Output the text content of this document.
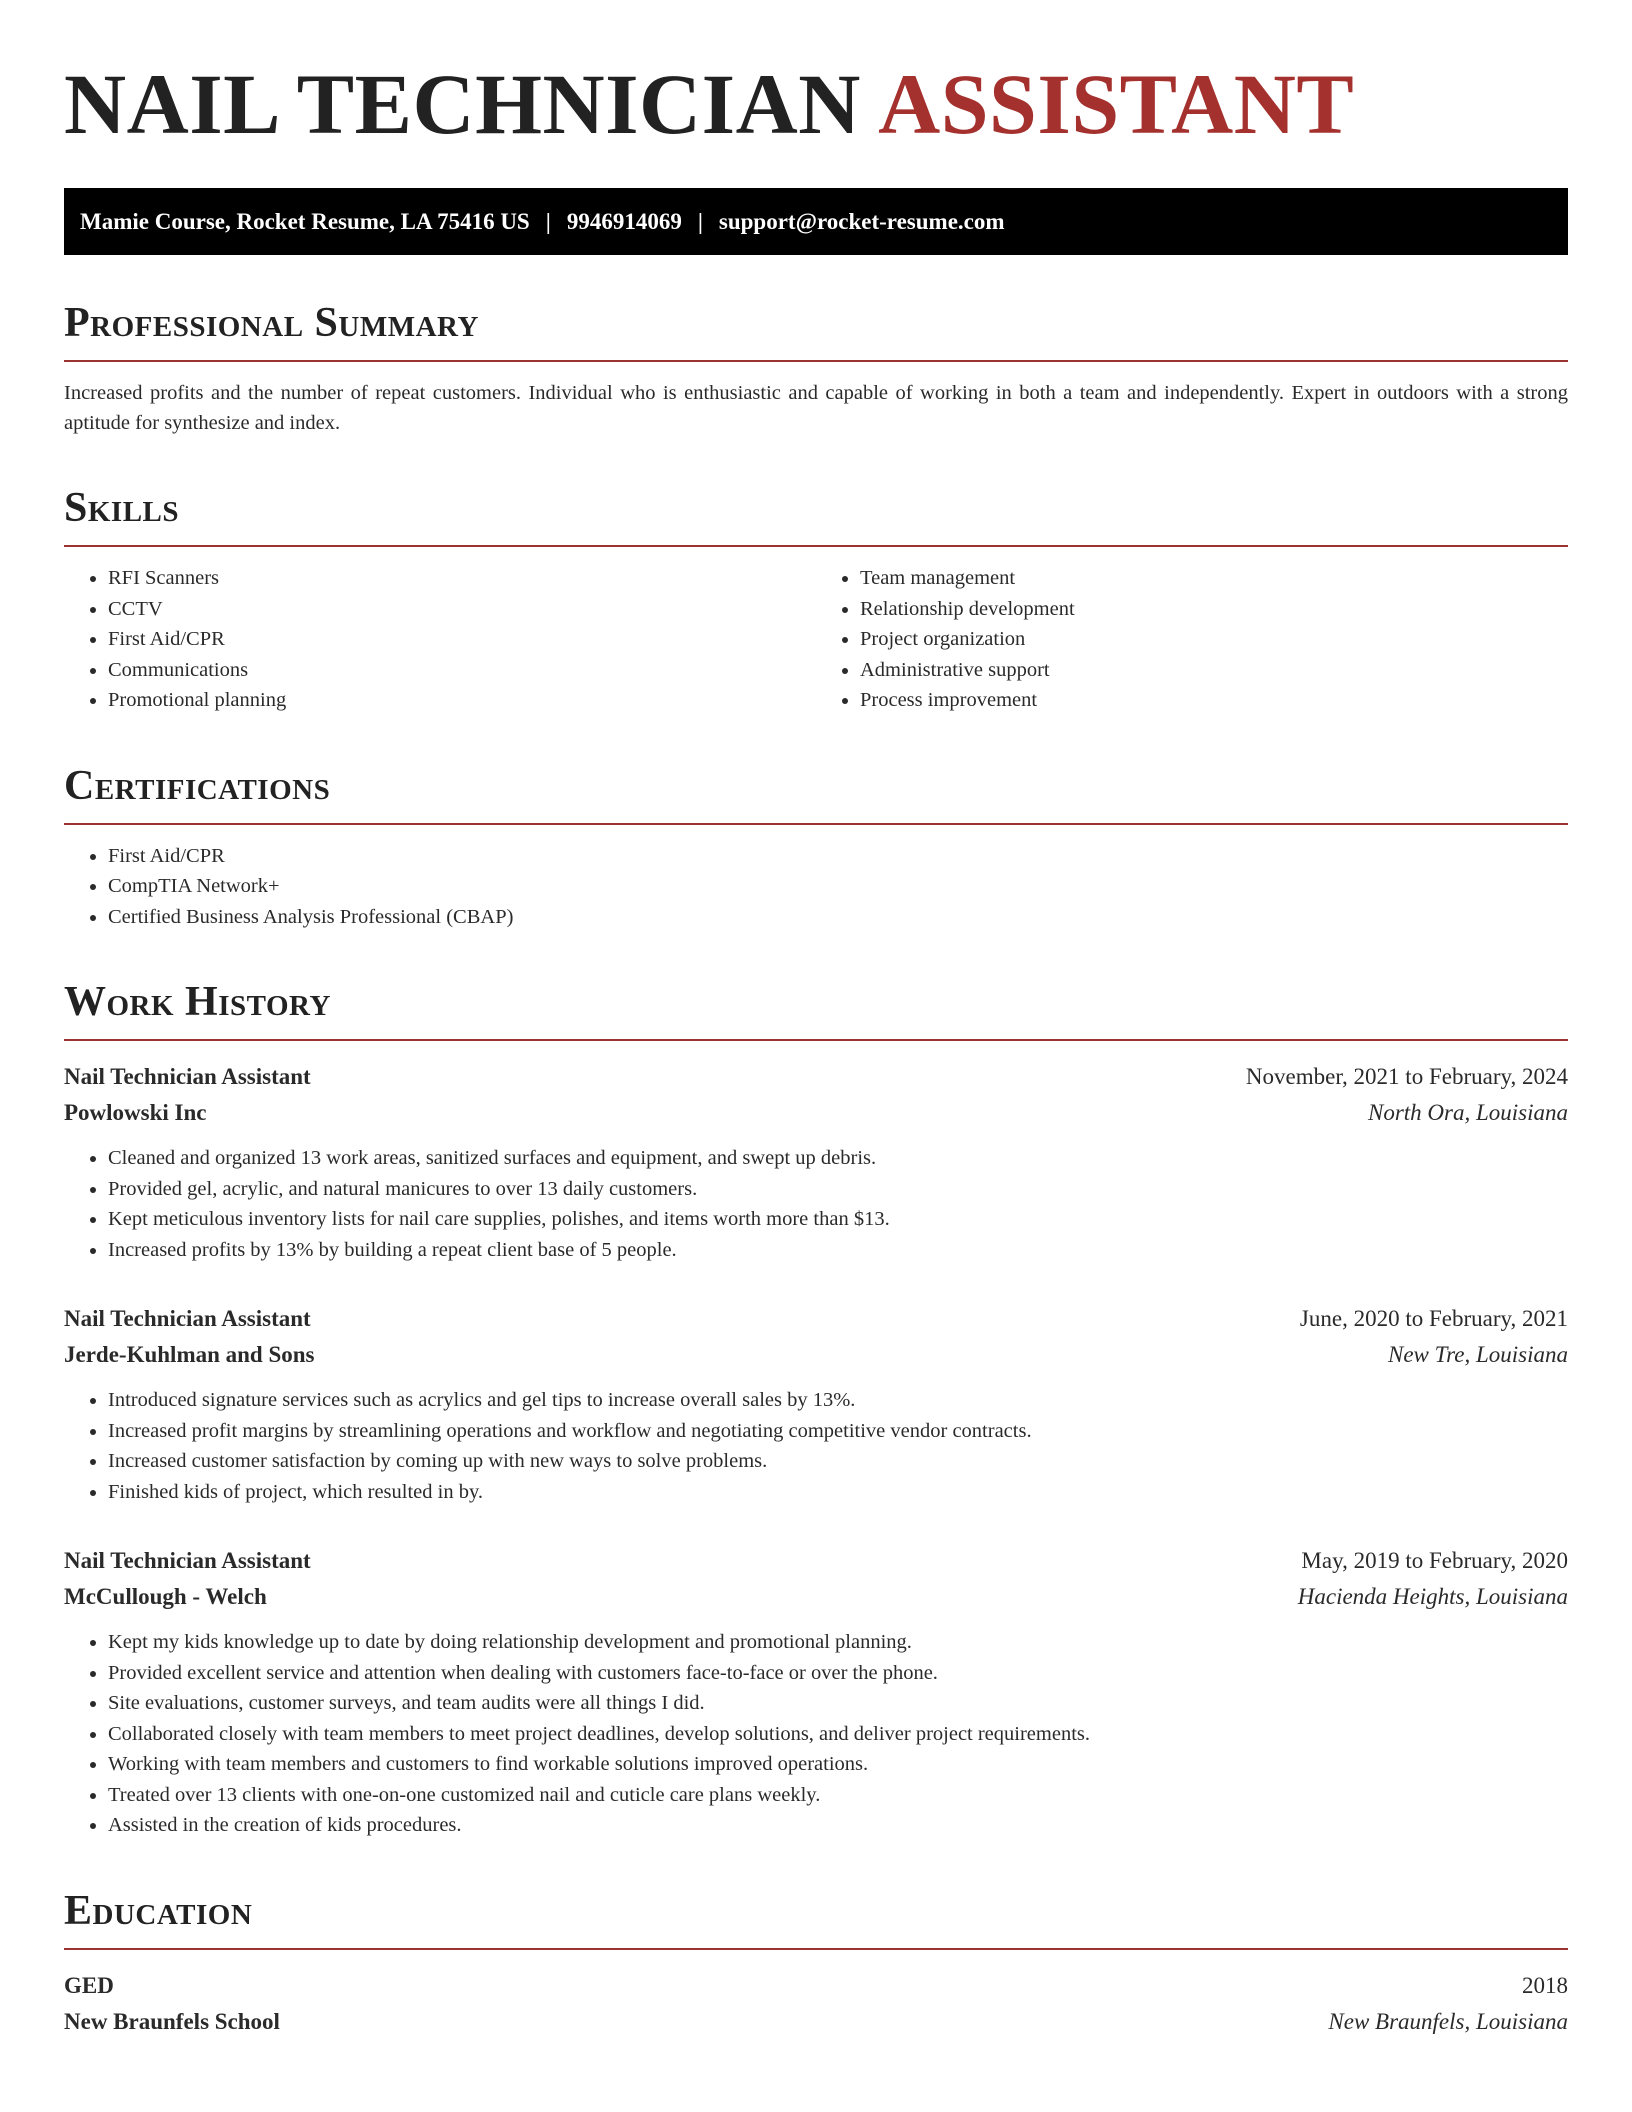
NAIL TECHNICIAN ASSISTANT
Mamie Course, Rocket Resume, LA 75416 US | 9946914069 | support@rocket-resume.com
Professional Summary

Increased profits and the number of repeat customers. Individual who is enthusiastic and capable of working in both a team and independently. Expert in outdoors with a strong aptitude for synthesize and index.

Skills
• RFI Scanners
• CCTV
• First Aid/CPR
• Communications
• Promotional planning
• Team management
• Relationship development
• Project organization
• Administrative support
• Process improvement
Certifications
• First Aid/CPR
• CompTIA Network+
• Certified Business Analysis Professional (CBAP)
Work History
Nail Technician Assistant	November, 2021 to February, 2024
Powlowski Inc	North Ora, Louisiana
• Cleaned and organized 13 work areas, sanitized surfaces and equipment, and swept up debris.
• Provided gel, acrylic, and natural manicures to over 13 daily customers.
• Kept meticulous inventory lists for nail care supplies, polishes, and items worth more than $13.
• Increased profits by 13% by building a repeat client base of 5 people.
Nail Technician Assistant	June, 2020 to February, 2021
Jerde-Kuhlman and Sons	New Tre, Louisiana
• Introduced signature services such as acrylics and gel tips to increase overall sales by 13%.
• Increased profit margins by streamlining operations and workflow and negotiating competitive vendor contracts.
• Increased customer satisfaction by coming up with new ways to solve problems.
• Finished kids of project, which resulted in by.
Nail Technician Assistant	May, 2019 to February, 2020
McCullough - Welch	Hacienda Heights, Louisiana
• Kept my kids knowledge up to date by doing relationship development and promotional planning.
• Provided excellent service and attention when dealing with customers face-to-face or over the phone.
• Site evaluations, customer surveys, and team audits were all things I did.
• Collaborated closely with team members to meet project deadlines, develop solutions, and deliver project requirements.
• Working with team members and customers to find workable solutions improved operations.
• Treated over 13 clients with one-on-one customized nail and cuticle care plans weekly.
• Assisted in the creation of kids procedures.
Education
GED	2018
New Braunfels School	New Braunfels, Louisiana
